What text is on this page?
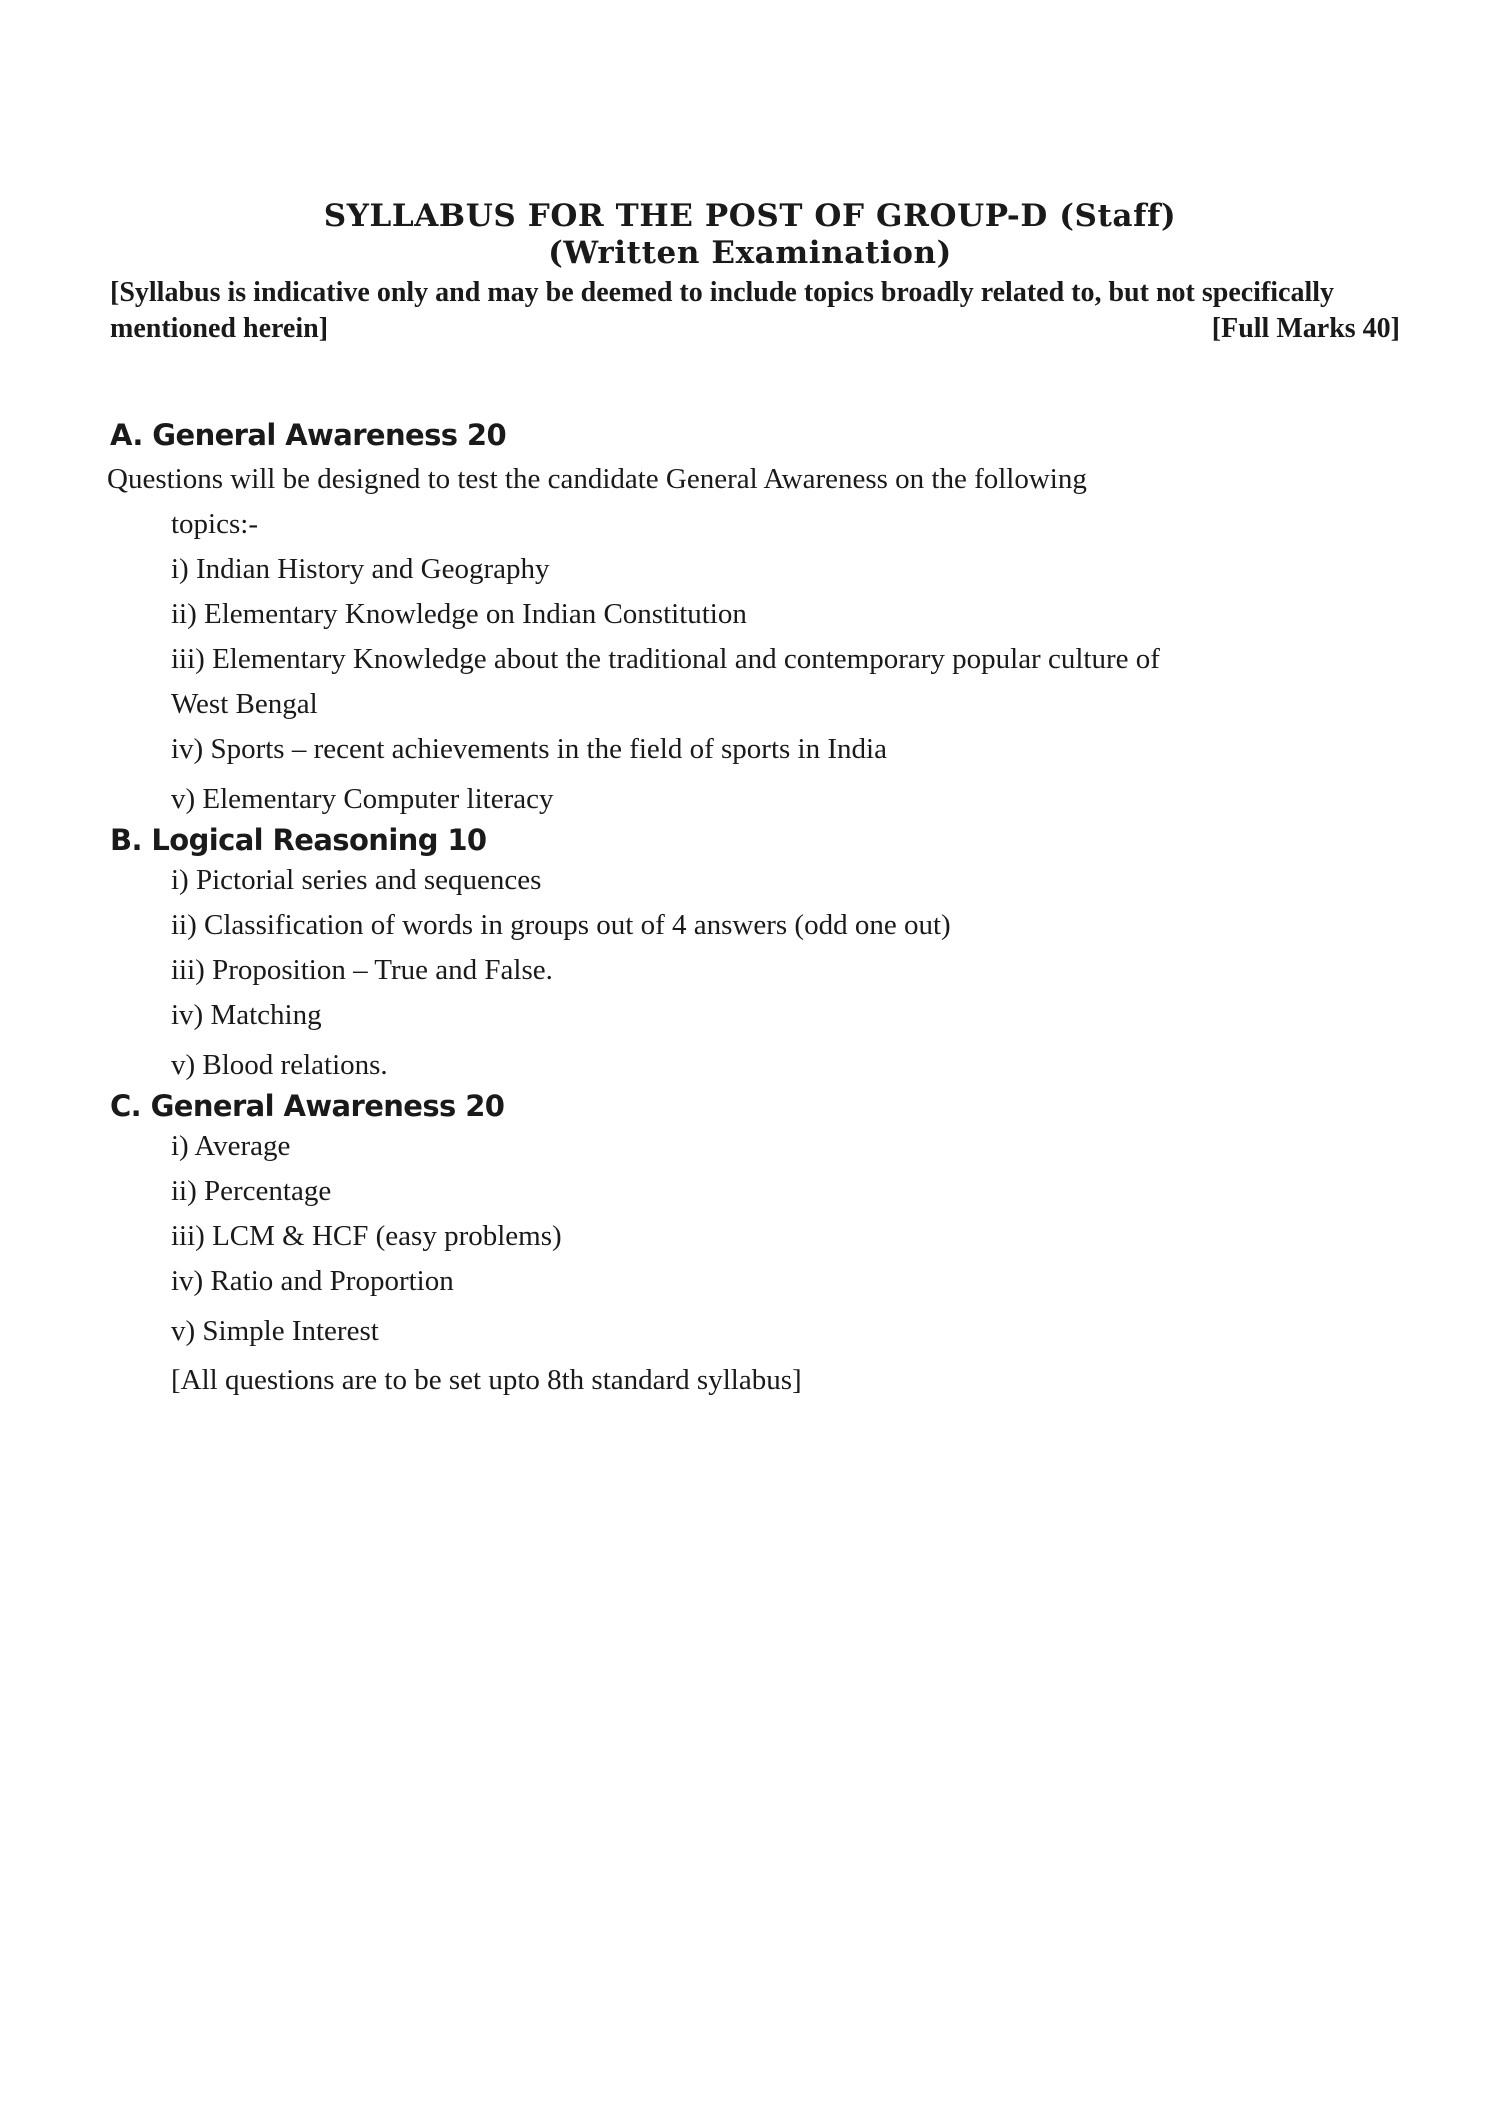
SYLLABUS FOR THE POST OF GROUP-D (Staff)
(Written Examination)
[Syllabus is indicative only and may be deemed to include topics broadly related to, but not specifically
mentioned herein]	[Full Marks 40]
A. General Awareness 20
Questions will be designed to test the candidate General Awareness on the following
topics:-
i) Indian History and Geography
ii) Elementary Knowledge on Indian Constitution
iii) Elementary Knowledge about the traditional and contemporary popular culture of
West Bengal
iv) Sports – recent achievements in the field of sports in India
v) Elementary Computer literacy
B. Logical Reasoning 10
i) Pictorial series and sequences
ii) Classification of words in groups out of 4 answers (odd one out)
iii) Proposition – True and False.
iv) Matching
v) Blood relations.
C. General Awareness 20
i) Average
ii) Percentage
iii) LCM & HCF (easy problems)
iv) Ratio and Proportion
v) Simple Interest
[All questions are to be set upto 8th standard syllabus]
